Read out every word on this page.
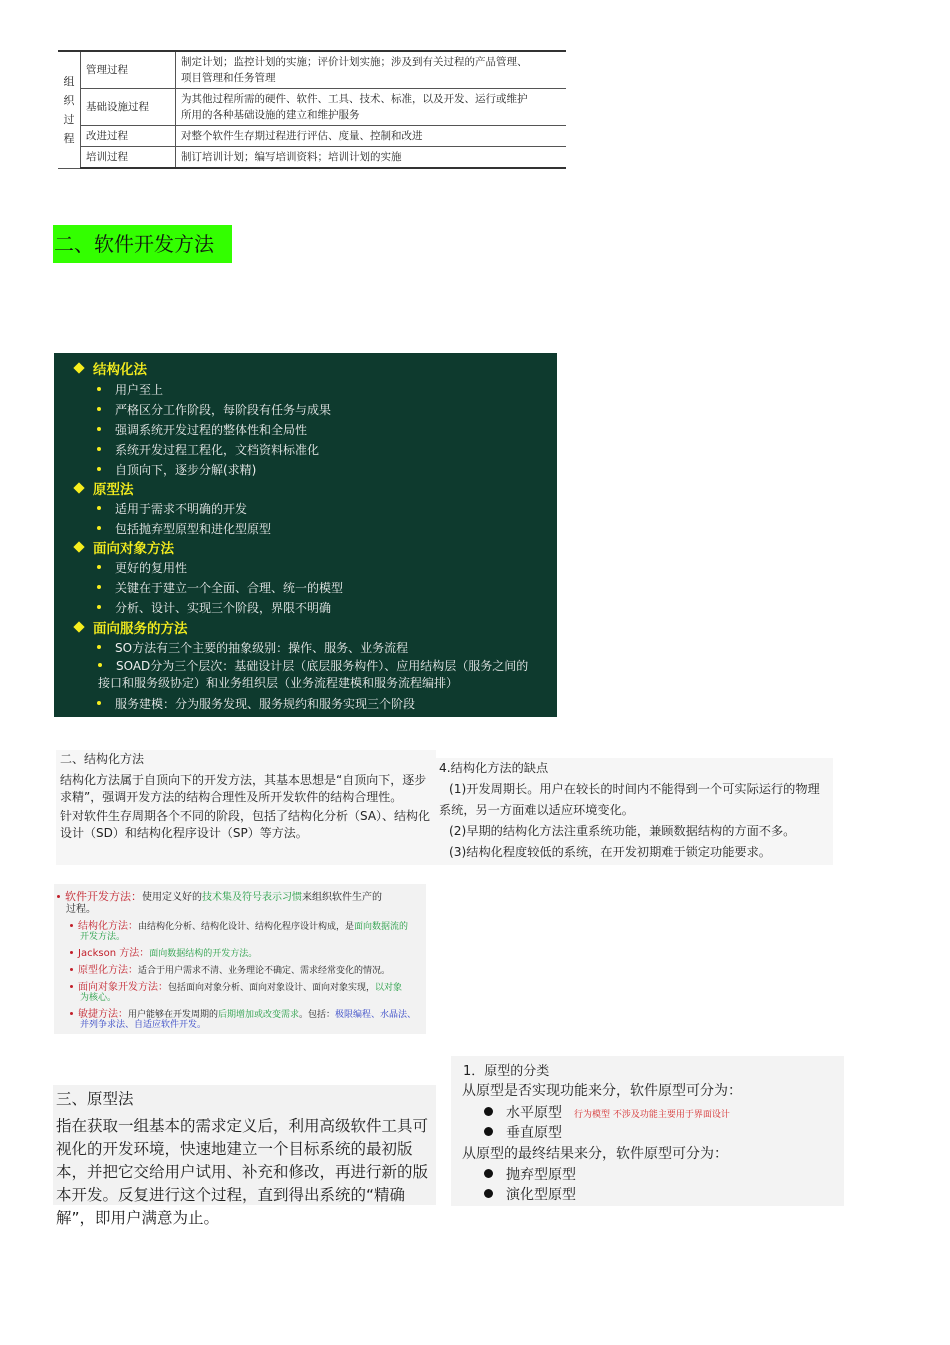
组
织
过
程	管理过程	制定计划；监控计划的实施；评价计划实施；涉及到有关过程的产品管理、
项目管理和任务管理
	基础设施过程	为其他过程所需的硬件、软件、工具、技术、标准，以及开发、运行或维护
所用的各种基础设施的建立和维护服务
	改进过程	对整个软件生存期过程进行评估、度量、控制和改进
	培训过程	制订培训计划；编写培训资料；培训计划的实施
二、软件开发方法
结构化法
用户至上
严格区分工作阶段，每阶段有任务与成果
强调系统开发过程的整体性和全局性
系统开发过程工程化，文档资料标准化
自顶向下，逐步分解(求精)
原型法
适用于需求不明确的开发
包括抛弃型原型和进化型原型
面向对象方法
更好的复用性
关键在于建立一个全面、合理、统一的模型
分析、设计、实现三个阶段，界限不明确
面向服务的方法
SO方法有三个主要的抽象级别：操作、服务、业务流程
SOAD分为三个层次：基础设计层（底层服务构件）、应用结构层（服务之间的接口和服务级协定）和业务组织层（业务流程建模和服务流程编排）
服务建模：分为服务发现、服务规约和服务实现三个阶段

二、结构化方法

结构化方法属于自顶向下的开发方法，其基本思想是“自顶向下，逐步求精”，强调开发方法的结构合理性及所开发软件的结构合理性。

针对软件生存周期各个不同的阶段，包括了结构化分析（SA）、结构化设计（SD）和结构化程序设计（SP）等方法。

4.结构化方法的缺点

(1)开发周期长。用户在较长的时间内不能得到一个可实际运行的物理系统，另一方面难以适应环境变化。

(2)早期的结构化方法注重系统功能，兼顾数据结构的方面不多。

(3)结构化程度较低的系统，在开发初期难于锁定功能要求。

软件开发方法：使用定义好的技术集及符号表示习惯来组织软件生产的
过程。
结构化方法：由结构化分析、结构化设计、结构化程序设计构成，是面向数据流的
开发方法。
Jackson 方法：面向数据结构的开发方法。
原型化方法：适合于用户需求不清、业务理论不确定、需求经常变化的情况。
面向对象开发方法：包括面向对象分析、面向对象设计、面向对象实现，以对象
为核心。
敏捷方法：用户能够在开发周期的后期增加或改变需求。包括：极限编程、水晶法、
并列争求法、自适应软件开发。

三、原型法

指在获取一组基本的需求定义后，利用高级软件工具可视化的开发环境，快速地建立一个目标系统的最初版本，并把它交给用户试用、补充和修改，再进行新的版本开发。反复进行这个过程，直到得出系统的“精确解”，即用户满意为止。

1．原型的分类
从原型是否实现功能来分，软件原型可分为：
水平原型 行为模型 不涉及功能主要用于界面设计
垂直原型
从原型的最终结果来分，软件原型可分为：
抛弃型原型
演化型原型
